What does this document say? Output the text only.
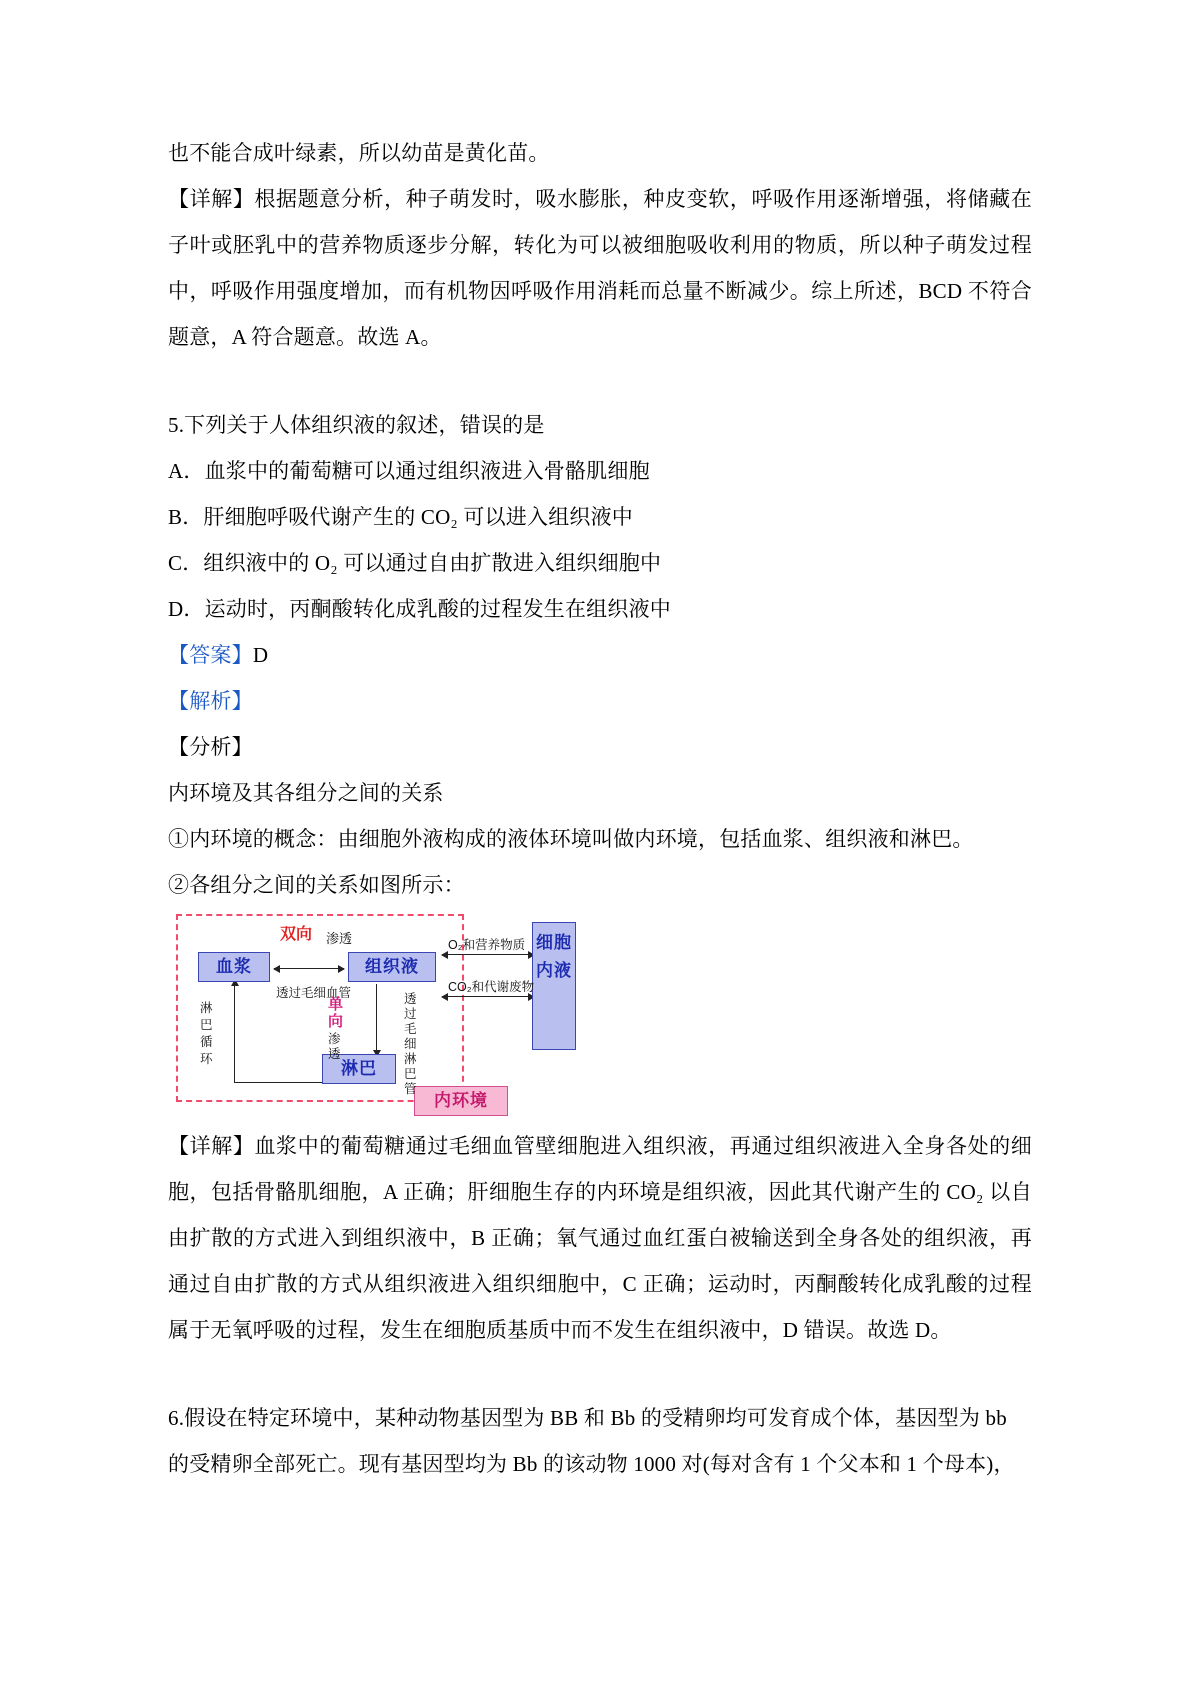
也不能合成叶绿素，所以幼苗是黄化苗。

【详解】根据题意分析，种子萌发时，吸水膨胀，种皮变软，呼吸作用逐渐增强，将储藏在子叶或胚乳中的营养物质逐步分解，转化为可以被细胞吸收利用的物质，所以种子萌发过程中，呼吸作用强度增加，而有机物因呼吸作用消耗而总量不断减少。综上所述，BCD 不符合题意，A 符合题意。故选 A。

5.下列关于人体组织液的叙述，错误的是

A．血浆中的葡萄糖可以通过组织液进入骨骼肌细胞

B．肝细胞呼吸代谢产生的 CO₂ 可以进入组织液中

C．组织液中的 O₂ 可以通过自由扩散进入组织细胞中

D．运动时，丙酮酸转化成乳酸的过程发生在组织液中

【答案】D

【解析】

【分析】

内环境及其各组分之间的关系

①内环境的概念：由细胞外液构成的液体环境叫做内环境，包括血浆、组织液和淋巴。

②各组分之间的关系如图所示：

血浆	组织液
淋巴
细胞内液
内环境
双向 渗透
透过毛细血管
单向
渗透
淋巴循环
透过毛细淋巴管
O₂和营养物质
CO₂和代谢废物

【详解】血浆中的葡萄糖通过毛细血管壁细胞进入组织液，再通过组织液进入全身各处的细胞，包括骨骼肌细胞，A 正确；肝细胞生存的内环境是组织液，因此其代谢产生的 CO₂ 以自由扩散的方式进入到组织液中，B 正确；氧气通过血红蛋白被输送到全身各处的组织液，再通过自由扩散的方式从组织液进入组织细胞中，C 正确；运动时，丙酮酸转化成乳酸的过程属于无氧呼吸的过程，发生在细胞质基质中而不发生在组织液中，D 错误。故选 D。

6.假设在特定环境中，某种动物基因型为 BB 和 Bb 的受精卵均可发育成个体，基因型为 bb

的受精卵全部死亡。现有基因型均为 Bb 的该动物 1000 对(每对含有 1 个父本和 1 个母本)，
